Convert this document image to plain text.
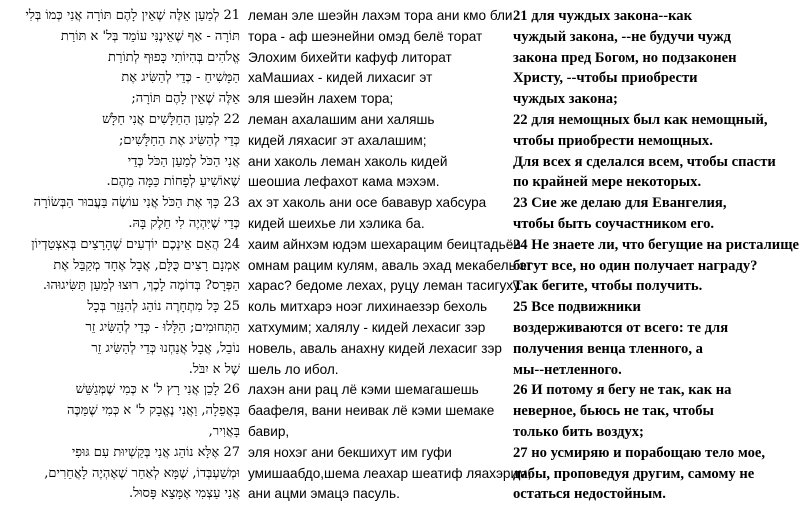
21 לְמַעַן אֵלֶּה שֶׁאֵין לָהֶם תּוֹרָה אֲנִי כְּמוֹ בְּלִי
תּוֹרָה - אַף שֶׁאֵינֶנִּי עוֹמֵד בְּל' א תּוֹרַת
אֱלֹהִים בְּהִיוֹתִי כָּפוּף לְתוֹרַת
הַמָּשִׁיחַ - כְּדֵי לְהַשִּׂיג אֶת
אֵלֶּה שֶׁאֵין לָהֶם תּוֹרָה;
22 לְמַעַן הַחַלָּשִׁים אֲנִי חַלָּשׁ
כְּדֵי לְהַשִּׂיג אֶת הַחַלָּשִׁים;
אֲנִי הַכֹּל לְמַעַן הַכֹּל כְּדֵי
שֶׁאוֹשִׁיעַ לְפָחוֹת כַּמָּה מֵהֶם.
23 כָּךְ אֶת הַכֹּל אֲנִי עוֹשֶׂה בַּעֲבוּר הַבְּשׂוֹרָה
כְּדֵי שֶׁיִּהְיֶה לִי חֵלֶק בָּהּ.
24 הֲאֵם אֵינְכֶם יוֹדְעִים שֶׁהָרָצִים בְּאִצְטַדְיוֹן
אָמְנָם רָצִים כֻּלָּם, אֲבָל אֶחָד מְקַבֵּל אֶת
הַפְּרָס? בְּדוֹמֶה לָכֶךְ, רוּצוּ לְמַעַן תַּשִּׂיגוּהוּ.
25 כָּל מִתְחָרֶה נוֹהֵג לְהִנָּזֵר בְּכָל
הַתְּחוּמִים; הַלָּלוּ - כְּדֵי לְהַשִּׂיג זֵר
נוֹבֵל, אֲבָל אֲנַחְנוּ כְּדֵי לְהַשִּׂיג זֵר
שֶׁל א יִבֹּל.
26 לָכֵן אֲנִי רָץ ל' א כְּמִי שֶׁמְּגַשֵּׁשׁ
בָּאֲפֵלָה, וַאֲנִי נֶאֱבָק ל' א כְּמִי שֶׁמַּכֶּה
בָּאֲוִיר,
27 אֶלָּא נוֹהֵג אֲנִי בְּקַשְׁיוּת עִם גּוּפִי
וּמְשַׁעְבְּדוֹ, שֶׁמָּא לְאַחַר שֶׁאֶהְיֶה לָאֲחֵרִים,
אֲנִי עַצְמִי אֶמָּצֵא פָּסוּל.
леман эле шеэйн лахэм тора ани кмо бли
тора - аф шеэнейни омэд белё торат
Элохим бихейти кафуф литорат
хаМашиах - кидей лихасиг эт
эля шеэйн лахем тора;
леман ахалашим ани халяшь
кидей ляхасиг эт ахалашим;
ани хаколь леман хаколь кидей
шеошиа лефахот кама мэхэм.
ах эт хаколь ани осе бававур хабсура
кидей шеихье ли хэлика бa.
хаим айнхэм юдэм шехарацим беицтадьён
омнам рацим кулям, аваль эхад мекабель эт
харас? бедоме лехах, руцу леман тасигуху.
коль митхарэ ноэг лихинаезэр бехоль
хатхумим; халялу - кидей лехасиг зэр
новель, аваль анахну кидей лехасиг зэр
шель ло ибол.
лахэн ани рац лё кэми шемагашешь
баафеля, вани неивак лё кэми шемаке
бавир,
эля нохэг ани бекшихут им гуфи
умишаабдо,шема леахар шеатиф ляахэрим,
ани ацми эмацэ пасуль.
21 для чуждых закона--как
чуждый закона, --не будучи чужд
закона пред Богом, но подзаконен
Христу, --чтобы приобрести
чуждых закона;
22 для немощных был как немощный,
чтобы приобрести немощных.
Для всех я сделался всем, чтобы спасти
по крайней мере некоторых.
23 Сие же делаю для Евангелия,
чтобы быть соучастником его.
24 Не знаете ли, что бегущие на ристалище
бегут все, но один получает награду?
Так бегите, чтобы получить.
25 Все подвижники
воздерживаются от всего: те для
получения венца тленного, а
мы--нетленного.
26 И потому я бегу не так, как на
неверное, бьюсь не так, чтобы
только бить воздух;
27 но усмиряю и порабощаю тело мое,
дабы, проповедуя другим, самому не
остаться недостойным.
